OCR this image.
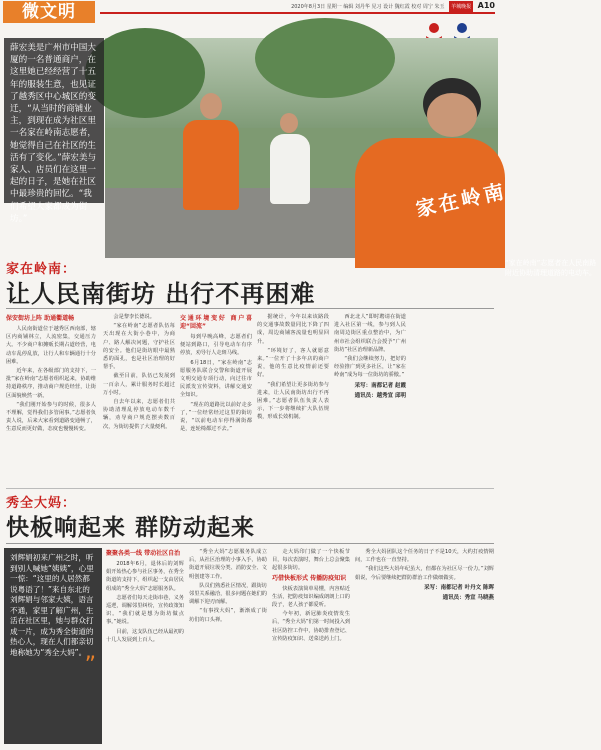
微文明	2020年8月3日 星期一 编辑 刘丹华 见习 设计 魏红霞 校对 周宁 朱玉 羊城晚报 A10
家在岭南
“家在岭南”志愿者在人民南路附近协助清理道路的电动车。
薛宏美是广州市中国大厦的一名普通商户，在这里她已经经营了十五年的服装生意，也见证了越秀区中心城区的变迁，“从当时的商铺业主，到现在成为社区里一名家在岭南志愿者，她觉得自己在社区的生活有了变化。”薛宏美与家人、店员们在这里一起的日子，是她在社区中最珍贵的回忆。“我们希望大家都成为街坊。”
家在岭南：
让人民南街坊 出行不再困难
保安街坊上阵 助通衢道畅

人民南街道位于越秀区西南部，辖区内商铺林立，人流密集，交通压力大。不少商户和摊贩长期占道经营，电动车乱停乱放，让行人和车辆通行十分困难。

近年来，在各级部门的支持下，一批“家在岭南”志愿者组织起来，协助维持道路秩序，推动商户规范经营，让街区面貌焕然一新。

“我们刚开始参与的时候，很多人不理解，觉得我们多管闲事。”志愿者负责人说，后来大家看到道路变通畅了，生意反而更好做，态度也慢慢转变。

会是黎李长德说。

“家在岭南”志愿者队伍每天出现在大街小巷中，为商户、路人解决问题，守护社区的安全。他们是街坊眼中最熟悉的面孔，也是社区治理的好帮手。

截至目前，队伍已发展到一百余人，累计服务时长超过万小时。

自去年以来，志愿者们共协助清理乱停放电动车数千辆，劝导商户规范摆卖数百次，为街坊提供了大量便利。

交通环境变好 商户喜迎“回流”

每到早晚高峰，志愿者们便站到路口，引导电动车有序停放，劝导行人走斑马线。

6月18日，“家在岭南”志愿服务队联合交警和街道开展文明交通专项行动，向过往市民派发宣传资料，讲解交通安全知识。

“现在的道路比以前好走多了，”一位经常经过这里的街坊说，“以前电动车停得满街都是，连轮椅都过不去。”

据统计，今年以来该路段的交通事故数量同比下降了四成，周边商铺客流量也明显回升。

“环境好了，客人就愿意来。”一位开了十多年店的商户说，他的生意比疫情前还要好。

“我们希望让更多街坊参与进来，让人民南街坊出行不再困难。”志愿者队伍负责人表示，下一步将继续扩大队伍规模，形成长效机制。

西北北人”即时聘请在街道进入社区第一线，参与到人民南周边街区重点整治中，为广州市社会组织联合会授予“广州街坊”社区治理新品牌。

“我们会继续努力，把好的经验推广到更多社区，让“家在岭南”成为每一位街坊的骄傲。”

采写：南都记者 赵霞
通讯员：越秀宣 邱明
秀全大妈：
快板响起来 群防动起来
刘辉娟初来广州之时，听到别人喊她“姨姨”，心里一惊：“这里的人居然都说粤语了！”来自东北的刘辉娟与邻家大姨，语言不通，家里了解广州，生活在社区里，她与群众打成一片，成为秀全街道的热心人，现在人们都亲切地称她为“秀全大妈”。
”
聚聚各类一线 带动社区自治

2018年6月，退休后的刘辉娟开始热心参与社区事务，在秀全街道的支持下，组织起一支由居民组成的“秀全大妈”志愿服务队。

志愿者们每天走街串巷，义务巡逻，调解邻里纠纷，宣传政策知识。“我们就是想为街坊做点事。”她说。

目前，这支队伍已经从最初的十几人发展到上百人。

“秀全大妈”志愿服务队成立后，从社区治理的小事入手，协助街道开展垃圾分类、消防安全、文明创建等工作。

队员们熟悉社区情况，跟街坊邻里关系融洽，很多问题在她们的调解下迎刃而解。

“有事找大妈”，渐渐成了街坊们的口头禅。

走大妈印门做了一个快板节目，每次表演时，舞台上总会聚集起很多街坊。

巧借快板形式 传播防疫知识

快板表演简单易懂，内容贴近生活，把防疫知识编成朗朗上口的段子，老人孩子都爱听。

今年初，新冠肺炎疫情发生后，“秀全大妈”们第一时间投入到社区防控工作中，协助排查登记、宣传防疫知识、送菜送药上门。

秀全大妈团队这个任务的日子不是10天，大约打疫情期间，工作也在一直坚持。

“我们这些大妈年纪虽大，但都在为社区尽一份力。”刘辉娟说，今后要继续把群防群治工作做细做实。

采写：南都记者 叶丹文 陈晖
通讯员：秀宣 马晓燕
